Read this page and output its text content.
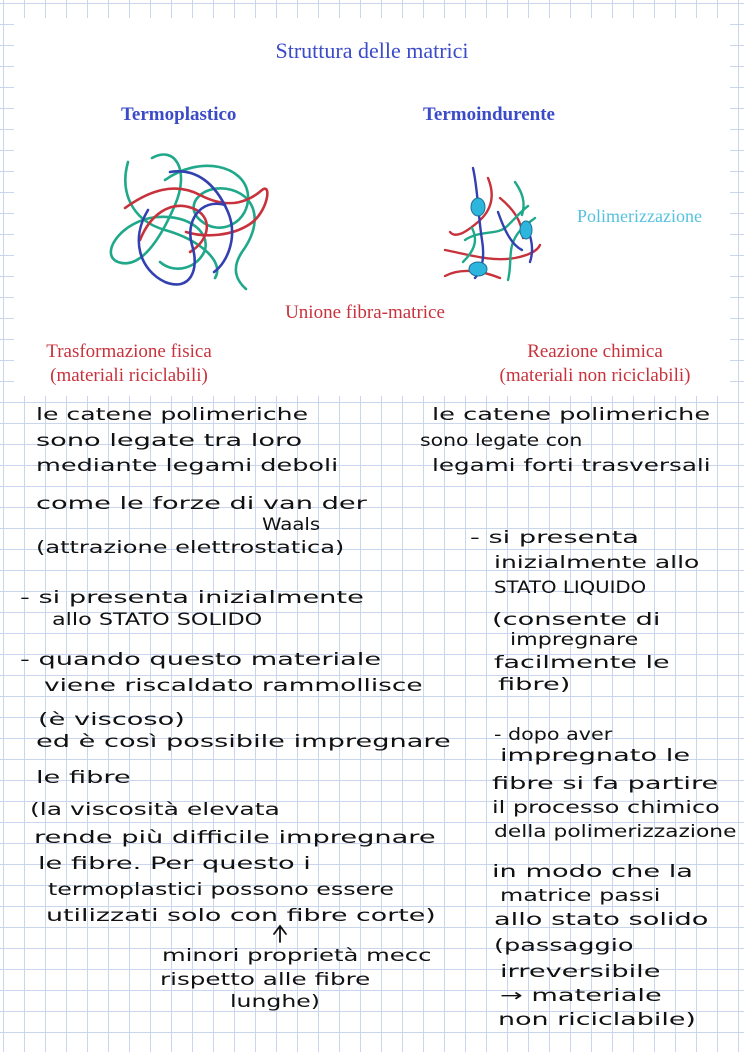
Struttura delle matrici
Termoplastico	Termoindurente
Polimerizzazione
Unione fibra-matrice
Trasformazione fisica
(materiali riciclabili)
Reazione chimica
(materiali non riciclabili)
le catene polimeriche
sono legate tra loro
mediante legami deboli
come le forze di van der
Waals
(attrazione elettrostatica)
- si presenta inizialmente
allo STATO SOLIDO
- quando questo materiale
viene riscaldato rammollisce
(è viscoso)
ed è così possibile impregnare
le fibre
(la viscosità elevata
rende più difficile impregnare
le fibre. Per questo i
termoplastici possono essere
utilizzati solo con fibre corte)
minori proprietà mecc
rispetto alle fibre
lunghe)
le catene polimeriche
sono legate con
legami forti trasversali
- si presenta
inizialmente allo
STATO LIQUIDO
(consente di
impregnare
facilmente le
fibre)
- dopo aver
impregnato le
fibre si fa partire
il processo chimico
della polimerizzazione
in modo che la
matrice passi
allo stato solido
(passaggio
irreversibile
→ materiale
non riciclabile)
